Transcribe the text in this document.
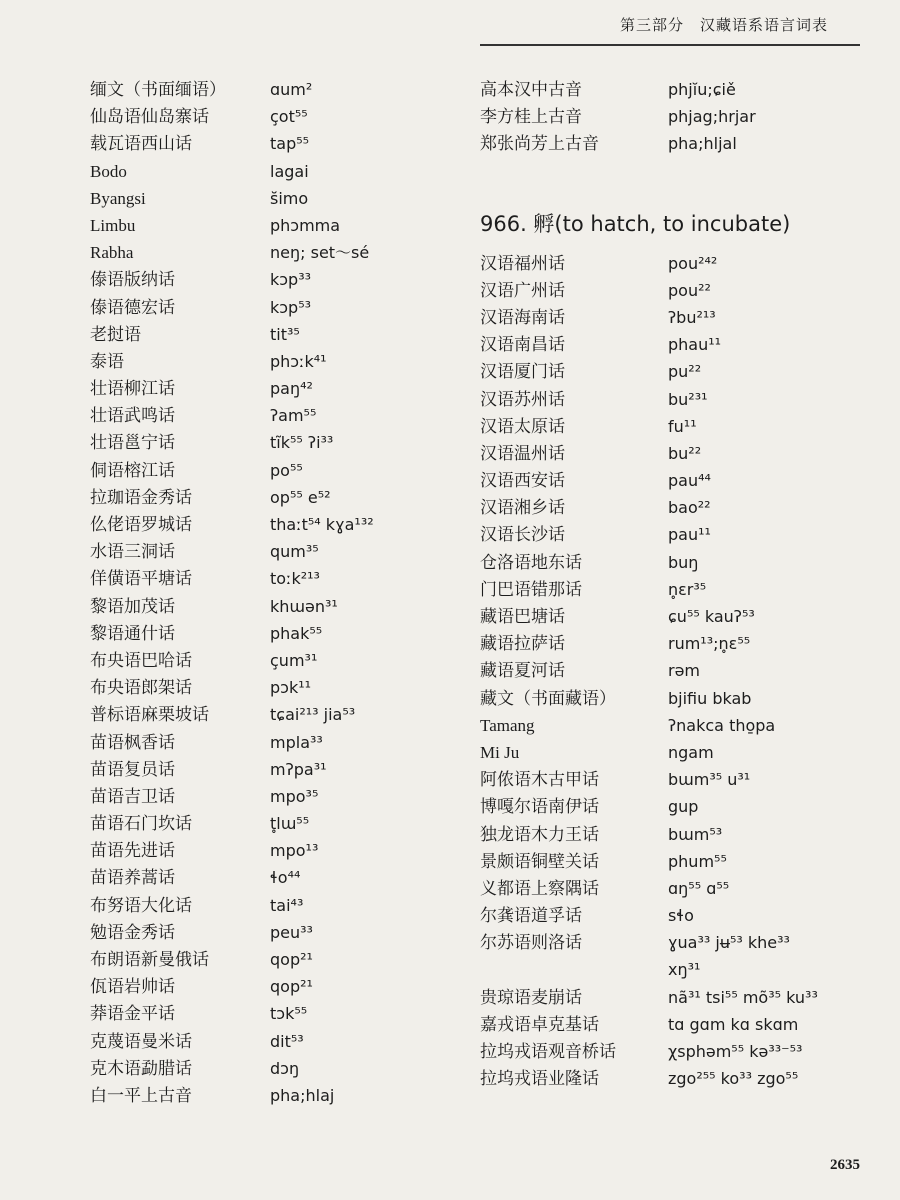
第三部分　汉藏语系语言词表
缅文（书面缅语）	ɑum²
仙岛语仙岛寨话	çot⁵⁵
载瓦语西山话	tap⁵⁵
Bodo	lagai
Byangsi	s̆imo
Limbu	phɔmma
Rabha	neŋ; set～sé
傣语版纳话	kɔp³³
傣语德宏话	kɔp⁵³
老挝语	tit³⁵
泰语	phɔːk⁴¹
壮语柳江话	paŋ⁴²
壮语武鸣话	ʔam⁵⁵
壮语邕宁话	tĩk⁵⁵ ʔi³³
侗语榕江话	po⁵⁵
拉珈语金秀话	op⁵⁵ e⁵²
仫佬语罗城话	thaːt⁵⁴ kɣa¹³²
水语三洞话	qum³⁵
佯僙语平塘话	toːk²¹³
黎语加茂话	khɯən³¹
黎语通什话	phak⁵⁵
布央语巴哈话	çum³¹
布央语郎架话	pɔk¹¹
普标语麻栗坡话	tɕai²¹³ jia⁵³
苗语枫香话	mpla³³
苗语复员话	mʔpa³¹
苗语吉卫话	mpo³⁵
苗语石门坎话	t̥lɯ⁵⁵
苗语先进话	mpo¹³
苗语养蒿话	ɬo⁴⁴
布努语大化话	tai⁴³
勉语金秀话	peu³³
布朗语新曼俄话	qop²¹
佤语岩帅话	qop²¹
莽语金平话	tɔk⁵⁵
克蔑语曼米话	dit⁵³
克木语勐腊话	dɔŋ
白一平上古音	pha;hlaj
高本汉中古音	phjĭu;ɕiě
李方桂上古音	phjag;hrjar
郑张尚芳上古音	pha;hljal
966. 孵(to hatch, to incubate)
汉语福州话	pou²⁴²
汉语广州话	pou²²
汉语海南话	ʔbu²¹³
汉语南昌话	phau¹¹
汉语厦门话	pu²²
汉语苏州话	bu²³¹
汉语太原话	fu¹¹
汉语温州话	bu²²
汉语西安话	pau⁴⁴
汉语湘乡话	bao²²
汉语长沙话	pau¹¹
仓洛语地东话	buŋ
门巴语错那话	n̥ɛr³⁵
藏语巴塘话	ɕu⁵⁵ kauʔ⁵³
藏语拉萨话	rum¹³;n̥ɛ⁵⁵
藏语夏河话	rəm
藏文（书面藏语）	bjifiu bkab
Tamang	ʔnakca tho̱pa
Mi Ju	ngam
阿侬语木古甲话	bɯm³⁵ u³¹
博嘎尔语南伊话	gup
独龙语木力王话	bɯm⁵³
景颇语铜壁关话	phum⁵⁵
义都语上察隅话	ɑŋ⁵⁵ ɑ⁵⁵
尔龚语道孚话	sɬo
尔苏语则洛话	ɣua³³ jʉ⁵³ khe³³
xŋ³¹
贵琼语麦崩话	nã³¹ tsi⁵⁵ mõ³⁵ ku³³
嘉戎语卓克基话	tɑ gɑm kɑ skɑm
拉坞戎语观音桥话	χsphəm⁵⁵ kə³³⁻⁵³
拉坞戎语业隆话	zgo²⁵⁵ ko³³ zgo⁵⁵
2635
